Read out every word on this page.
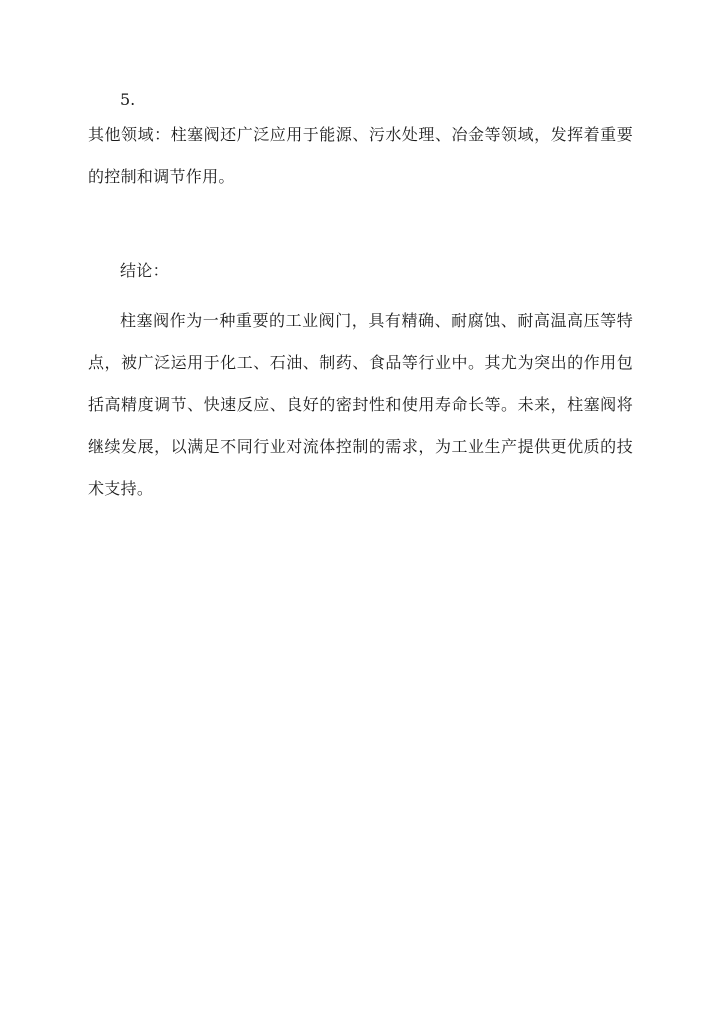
5.

其他领域：柱塞阀还广泛应用于能源、污水处理、冶金等领域，发挥着重要的控制和调节作用。

结论：

柱塞阀作为一种重要的工业阀门，具有精确、耐腐蚀、耐高温高压等特点，被广泛运用于化工、石油、制药、食品等行业中。其尤为突出的作用包括高精度调节、快速反应、良好的密封性和使用寿命长等。未来，柱塞阀将继续发展，以满足不同行业对流体控制的需求，为工业生产提供更优质的技术支持。
